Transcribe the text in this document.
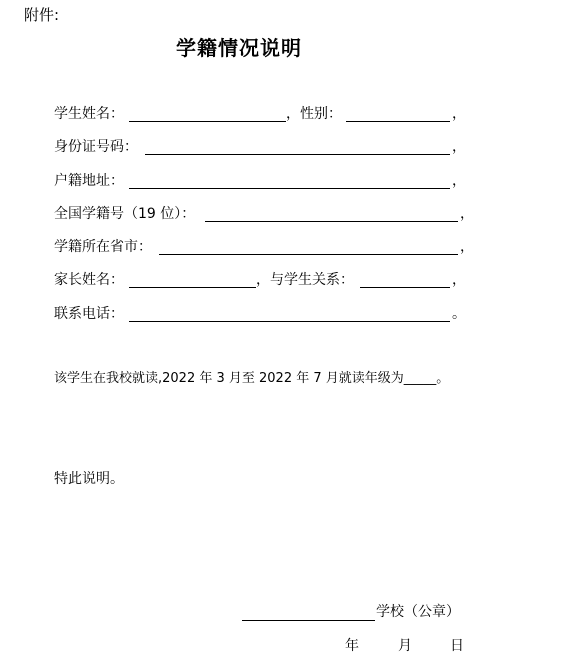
附件:
学籍情况说明
学生姓名：	，性别：	，
身份证号码：	，
户籍地址：	，
全国学籍号（19 位）：	，
学籍所在省市：	，
家长姓名：	，与学生关系：	，
联系电话：	。
该学生在我校就读,2022 年 3 月至 2022 年 7 月就读年级为_____。
特此说明。
学校（公章）
年	月	日
